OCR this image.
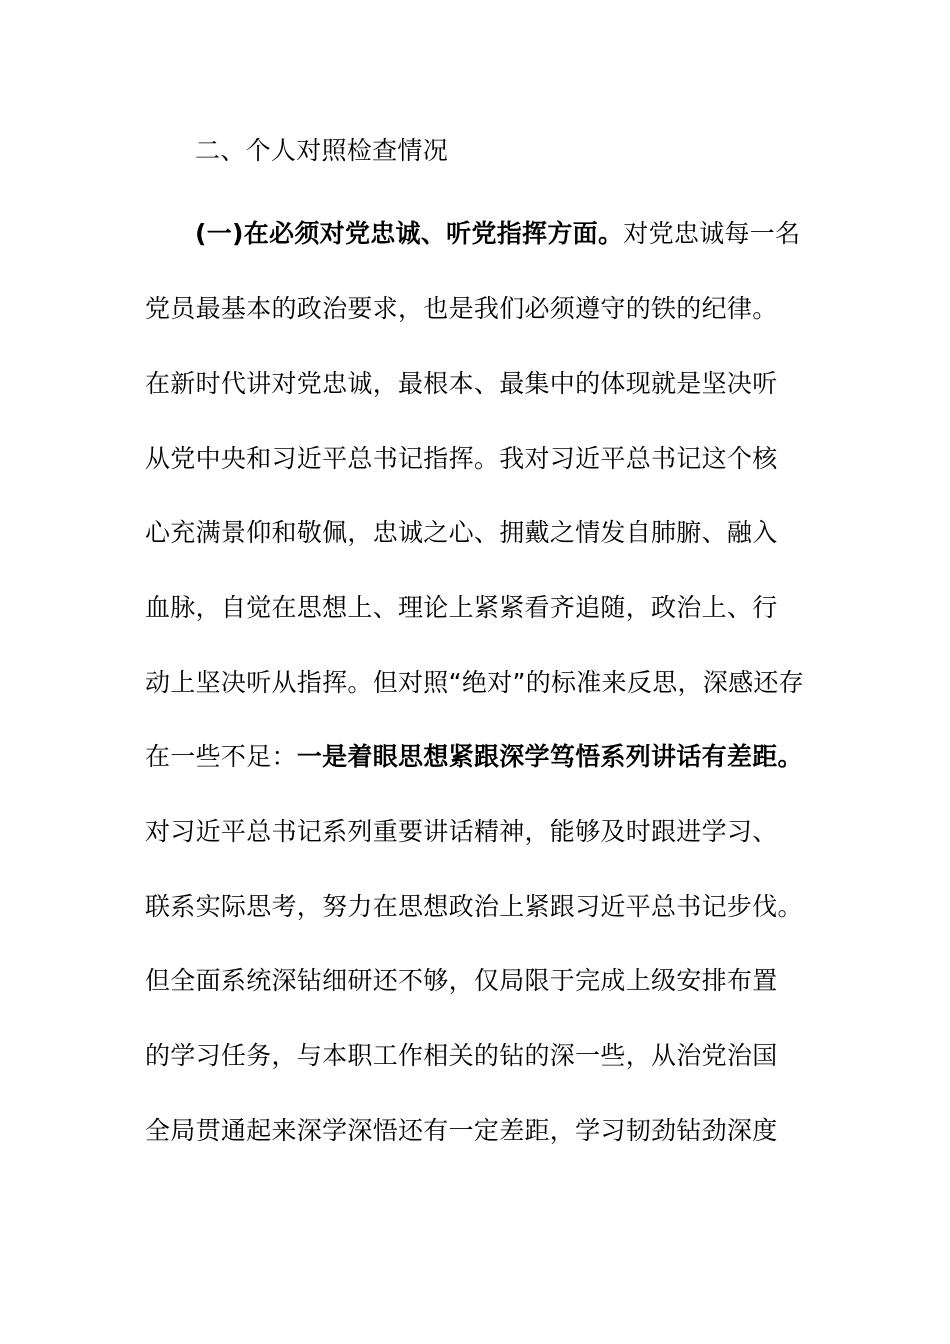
二、个人对照检查情况
(一)在必须对党忠诚、听党指挥方面。对党忠诚每一名
党员最基本的政治要求，也是我们必须遵守的铁的纪律。
在新时代讲对党忠诚，最根本、最集中的体现就是坚决听
从党中央和习近平总书记指挥。我对习近平总书记这个核
心充满景仰和敬佩，忠诚之心、拥戴之情发自肺腑、融入
血脉，自觉在思想上、理论上紧紧看齐追随，政治上、行
动上坚决听从指挥。但对照“绝对”的标准来反思，深感还存
在一些不足：一是着眼思想紧跟深学笃悟系列讲话有差距。
对习近平总书记系列重要讲话精神，能够及时跟进学习、
联系实际思考，努力在思想政治上紧跟习近平总书记步伐。
但全面系统深钻细研还不够，仅局限于完成上级安排布置
的学习任务，与本职工作相关的钻的深一些，从治党治国
全局贯通起来深学深悟还有一定差距，学习韧劲钻劲深度
